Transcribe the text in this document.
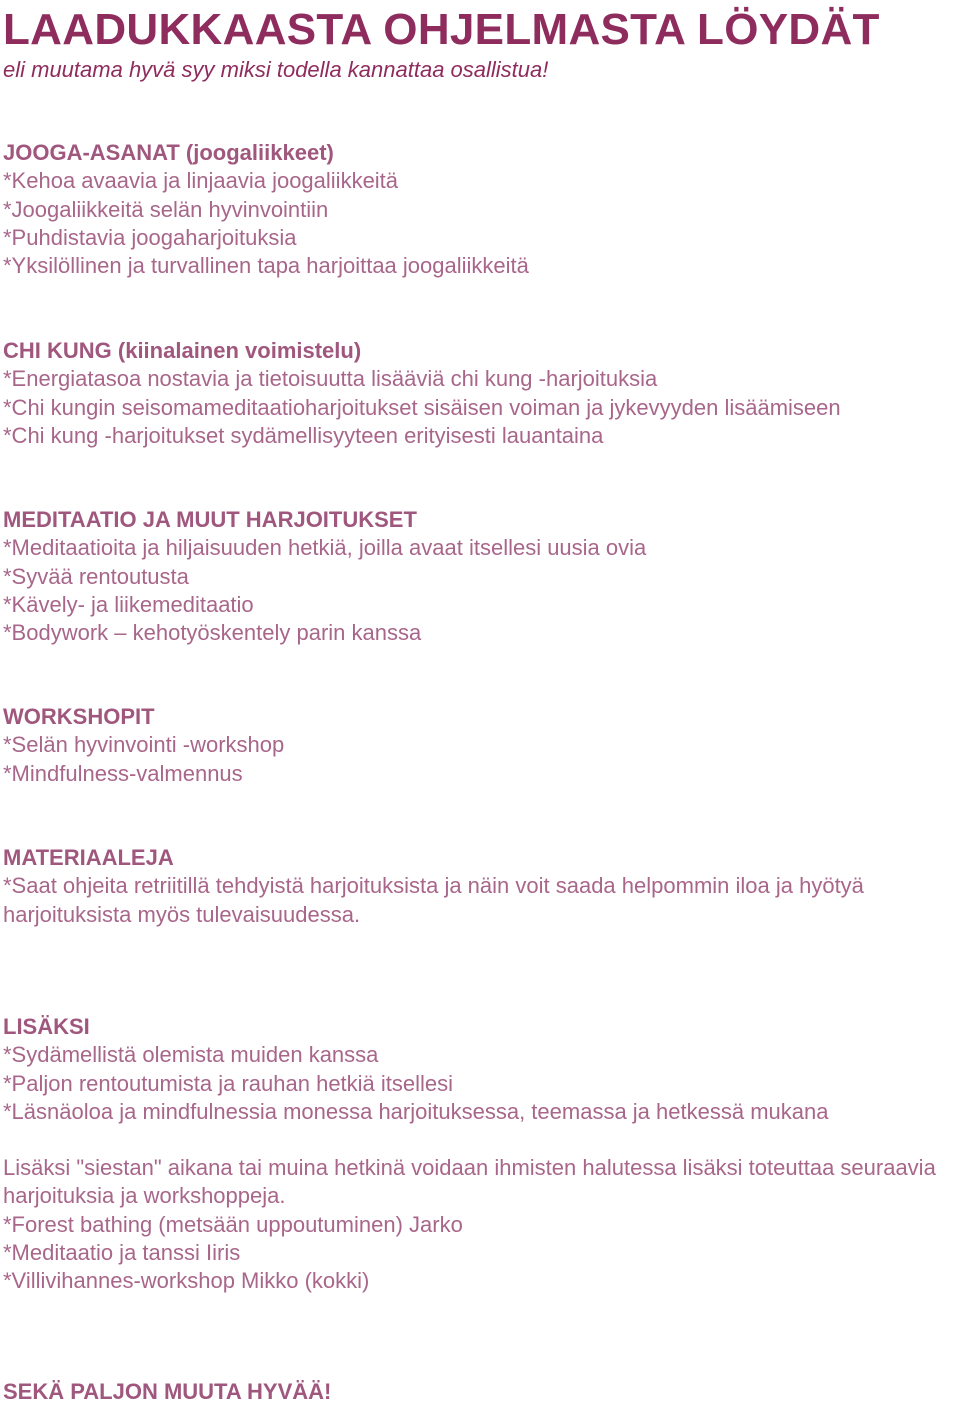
LAADUKKAASTA OHJELMASTA LÖYDÄT

eli muutama hyvä syy miksi todella kannattaa osallistua!

JOOGA-ASANAT (joogaliikkeet)

*Kehoa avaavia ja linjaavia joogaliikkeitä

*Joogaliikkeitä selän hyvinvointiin

*Puhdistavia joogaharjoituksia

*Yksilöllinen ja turvallinen tapa harjoittaa joogaliikkeitä

CHI KUNG (kiinalainen voimistelu)

*Energiatasoa nostavia ja tietoisuutta lisääviä chi kung -harjoituksia

*Chi kungin seisomameditaatioharjoitukset sisäisen voiman ja jykevyyden lisäämiseen

*Chi kung -harjoitukset sydämellisyyteen erityisesti lauantaina

MEDITAATIO JA MUUT HARJOITUKSET

*Meditaatioita ja hiljaisuuden hetkiä, joilla avaat itsellesi uusia ovia

*Syvää rentoutusta

*Kävely- ja liikemeditaatio

*Bodywork – kehotyöskentely parin kanssa

WORKSHOPIT

*Selän hyvinvointi -workshop

*Mindfulness-valmennus

MATERIAALEJA

*Saat ohjeita retriitillä tehdyistä harjoituksista ja näin voit saada helpommin iloa ja hyötyä harjoituksista myös tulevaisuudessa.

LISÄKSI

*Sydämellistä olemista muiden kanssa

*Paljon rentoutumista ja rauhan hetkiä itsellesi

*Läsnäoloa ja mindfulnessia monessa harjoituksessa, teemassa ja hetkessä mukana

Lisäksi "siestan" aikana tai muina hetkinä voidaan ihmisten halutessa lisäksi toteuttaa seuraavia harjoituksia ja workshoppeja.

*Forest bathing (metsään uppoutuminen) Jarko

*Meditaatio ja tanssi Iiris

*Villivihannes-workshop Mikko (kokki)

SEKÄ PALJON MUUTA HYVÄÄ!
